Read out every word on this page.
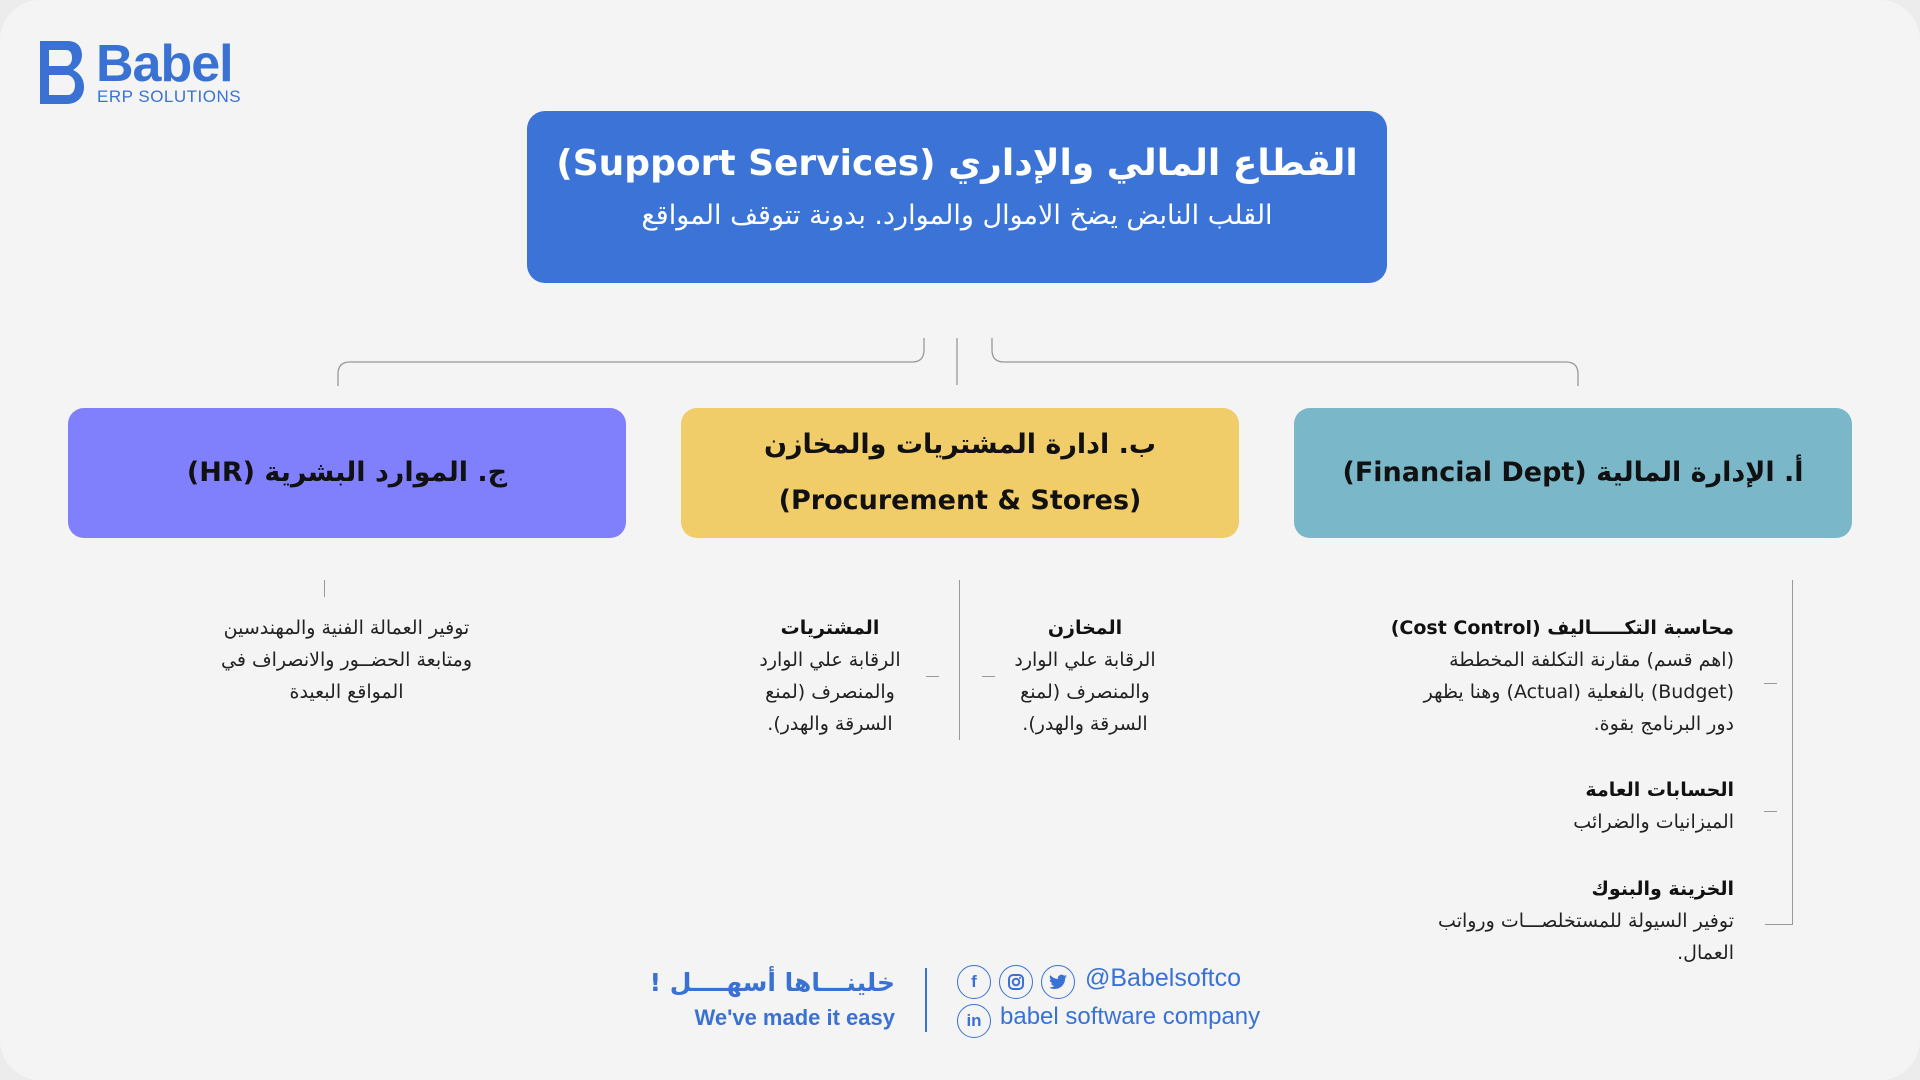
Babel
ERP SOLUTIONS
القطاع المالي والإداري (Support Services)
القلب النابض يضخ الاموال والموارد. بدونة تتوقف المواقع
أ. الإدارة المالية (Financial Dept)
ب. ادارة المشتريات والمخازن
(Procurement & Stores)
ج. الموارد البشرية (HR)
محاسبة التكـــــاليف (Cost Control)
(اهم قسم) مقارنة التكلفة المخططة
(Budget) بالفعلية (Actual) وهنا يظهر
دور البرنامج بقوة.
الحسابات العامة
الميزانيات والضرائب
الخزينة والبنوك
توفير السيولة للمستخلصـــات ورواتب
العمال.
المخازن
الرقابة علي الوارد
والمنصرف (لمنع
السرقة والهدر).
المشتريات
الرقابة علي الوارد
والمنصرف (لمنع
السرقة والهدر).
توفير العمالة الفنية والمهندسين
ومتابعة الحضــور والانصراف في
المواقع البعيدة
خلينـــاها أسهــــل !
We've made it easy
f	@Babelsoftco
in babel software company
